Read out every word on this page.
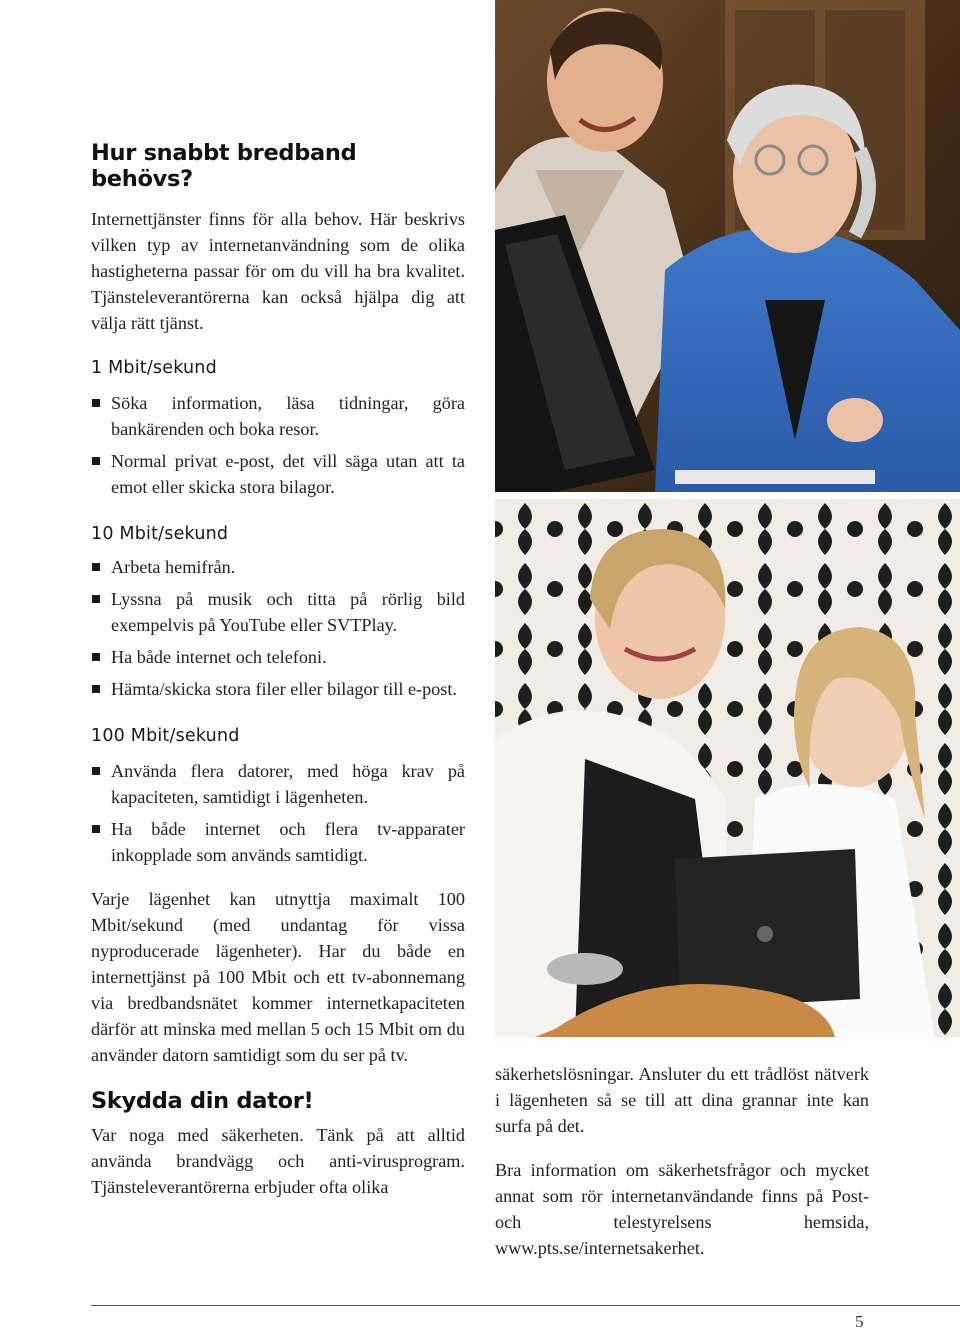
Hur snabbt bredband behövs?

Internettjänster finns för alla behov. Här beskrivs vilken typ av internetanvändning som de olika hastigheterna passar för om du vill ha bra kvalitet. Tjänsteleverantörerna kan också hjälpa dig att välja rätt tjänst.

1 Mbit/sekund
Söka information, läsa tidningar, göra bankärenden och boka resor.
Normal privat e-post, det vill säga utan att ta emot eller skicka stora bilagor.
10 Mbit/sekund
Arbeta hemifrån.
Lyssna på musik och titta på rörlig bild exempelvis på YouTube eller SVTPlay.
Ha både internet och telefoni.
Hämta/skicka stora filer eller bilagor till e-post.
100 Mbit/sekund
Använda flera datorer, med höga krav på kapaciteten, samtidigt i lägenheten.
Ha både internet och flera tv-apparater inkopplade som används samtidigt.

Varje lägenhet kan utnyttja maximalt 100 Mbit/sekund (med undantag för vissa nyproducerade lägenheter). Har du både en internettjänst på 100 Mbit och ett tv-abonnemang via bredbandsnätet kommer internetkapaciteten därför att minska med mellan 5 och 15 Mbit om du använder datorn samtidigt som du ser på tv.

Skydda din dator!

Var noga med säkerheten. Tänk på att alltid använda brandvägg och anti-virusprogram. Tjänsteleverantörerna erbjuder ofta olika

säkerhetslösningar. Ansluter du ett trådlöst nätverk i lägenheten så se till att dina grannar inte kan surfa på det.

Bra information om säkerhetsfrågor och mycket annat som rör internetanvändande finns på Post- och telestyrelsens hemsida, www.pts.se/internetsakerhet.

5
